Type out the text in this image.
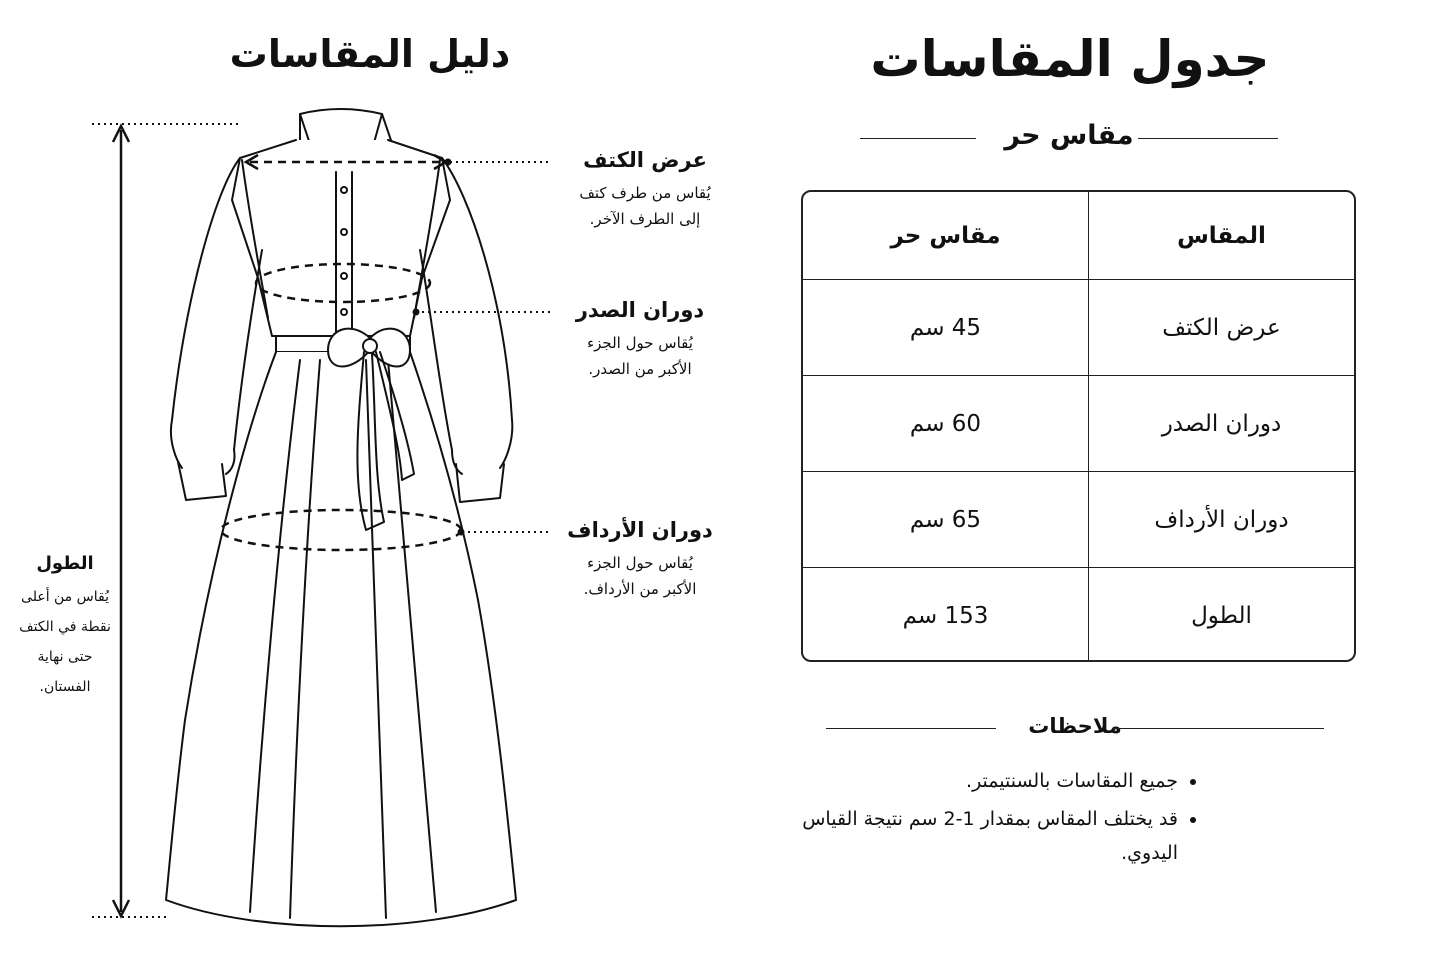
دليل المقاسات
عرض الكتف
يُقاس من طرف كتف
إلى الطرف الآخر.
دوران الصدر
يُقاس حول الجزء
الأكبر من الصدر.
دوران الأرداف
يُقاس حول الجزء
الأكبر من الأرداف.
الطول
يُقاس من أعلى
نقطة في الكتف
حتى نهاية
الفستان.
جدول المقاسات
مقاس حر
المقاس	مقاس حر
عرض الكتف	45 سم
دوران الصدر	60 سم
دوران الأرداف	65 سم
الطول	153 سم
ملاحظات
• جميع المقاسات بالسنتيمتر.
• قد يختلف المقاس بمقدار 1-2 سم نتيجة القياس اليدوي.
